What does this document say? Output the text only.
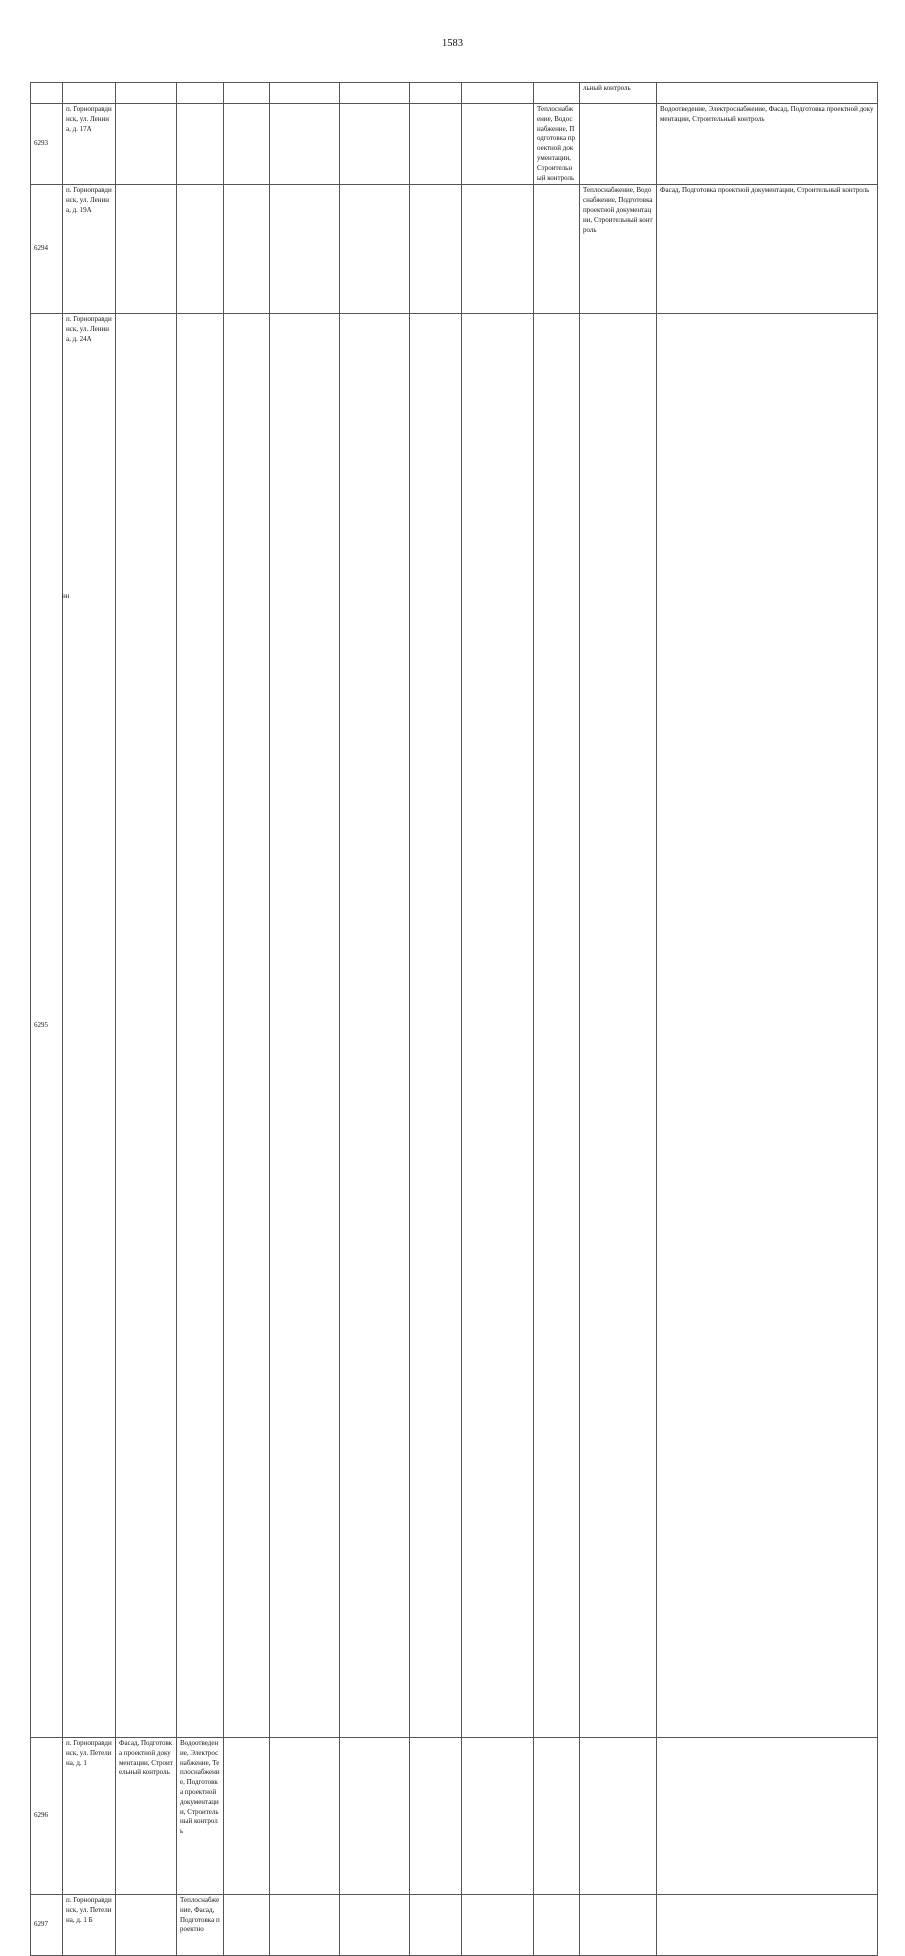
1583
										льный контроль		
6293	п. Горноправдинск, ул. Ленина, д. 17А								Теплоснабжение, Водоснабжение, Подготовка проектной документации, Строительный контроль		Водоотведение, Электроснабжение, Фасад, Подготовка проектной документации, Строительный контроль	
6294	п. Горноправдинск, ул. Ленина, д. 19А									Теплоснабжение, Водоснабжение, Подготовка проектной документации, Строительный контроль	Фасад, Подготовка проектной документации, Строительный контроль	
6295	п. Горноправдинск, ул. Ленина, д. 24А											
6296	п. Горноправдинск, ул. Петелина, д. 1	Фасад, Подготовка проектной документации, Строительный контроль	Водоотведение, Электроснабжение, Теплоснабжение, Подготовка проектной документации, Строительный контроль									
6297	п. Горноправдинск, ул. Петелина, д. 1 Б		Теплоснабжение, Фасад, Подготовка проектно									
нн
